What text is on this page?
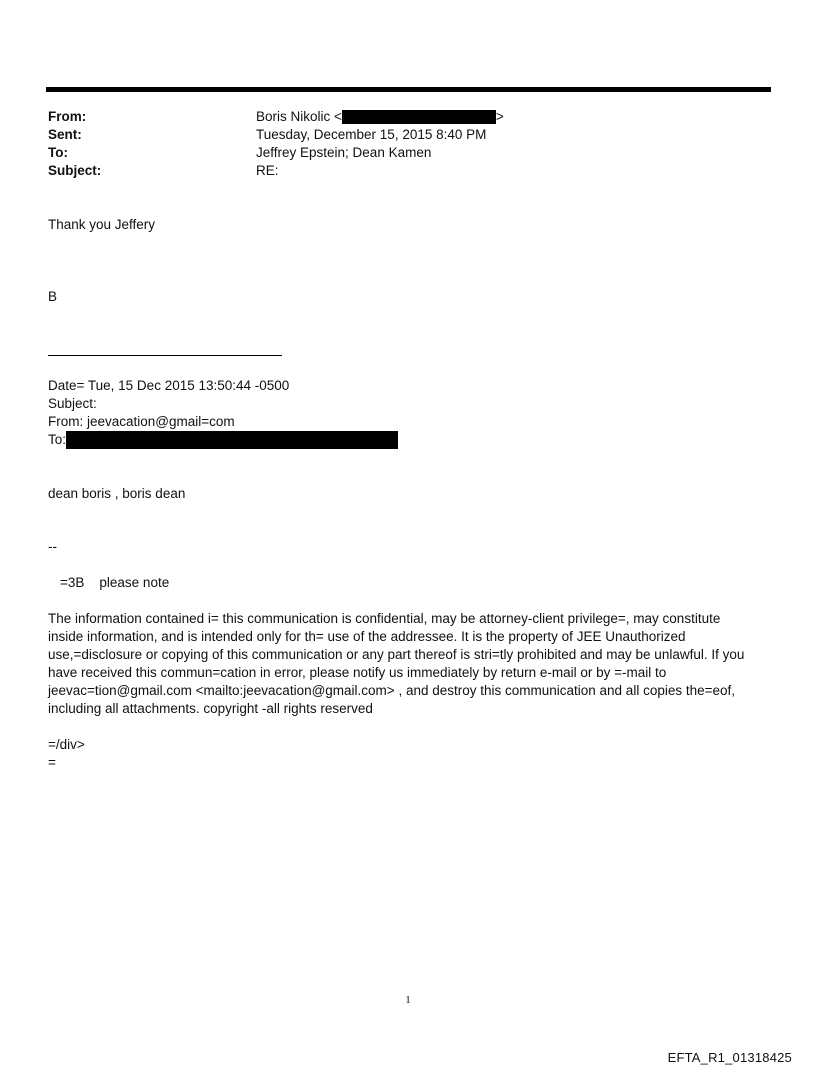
From:	Boris Nikolic <	>
Sent:	Tuesday, December 15, 2015 8:40 PM
To:	Jeffrey Epstein; Dean Kamen
Subject:	RE:
Thank you Jeffery
B
Date= Tue, 15 Dec 2015 13:50:44 -0500
Subject:
From: jeevacation@gmail=com
To:
dean boris , boris dean
--
=3B    please note
The information contained i= this communication is confidential, may be attorney-client privilege=, may constitute
inside information, and is intended only for th= use of the addressee. It is the property of JEE Unauthorized
use,=disclosure or copying of this communication or any part thereof is stri=tly prohibited and may be unlawful. If you
have received this commun=cation in error, please notify us immediately by return e-mail or by =-mail to
jeevac=tion@gmail.com <mailto:jeevacation@gmail.com> , and destroy this communication and all copies the=eof,
including all attachments. copyright -all rights reserved
=/div>
=
1
EFTA_R1_01318425
